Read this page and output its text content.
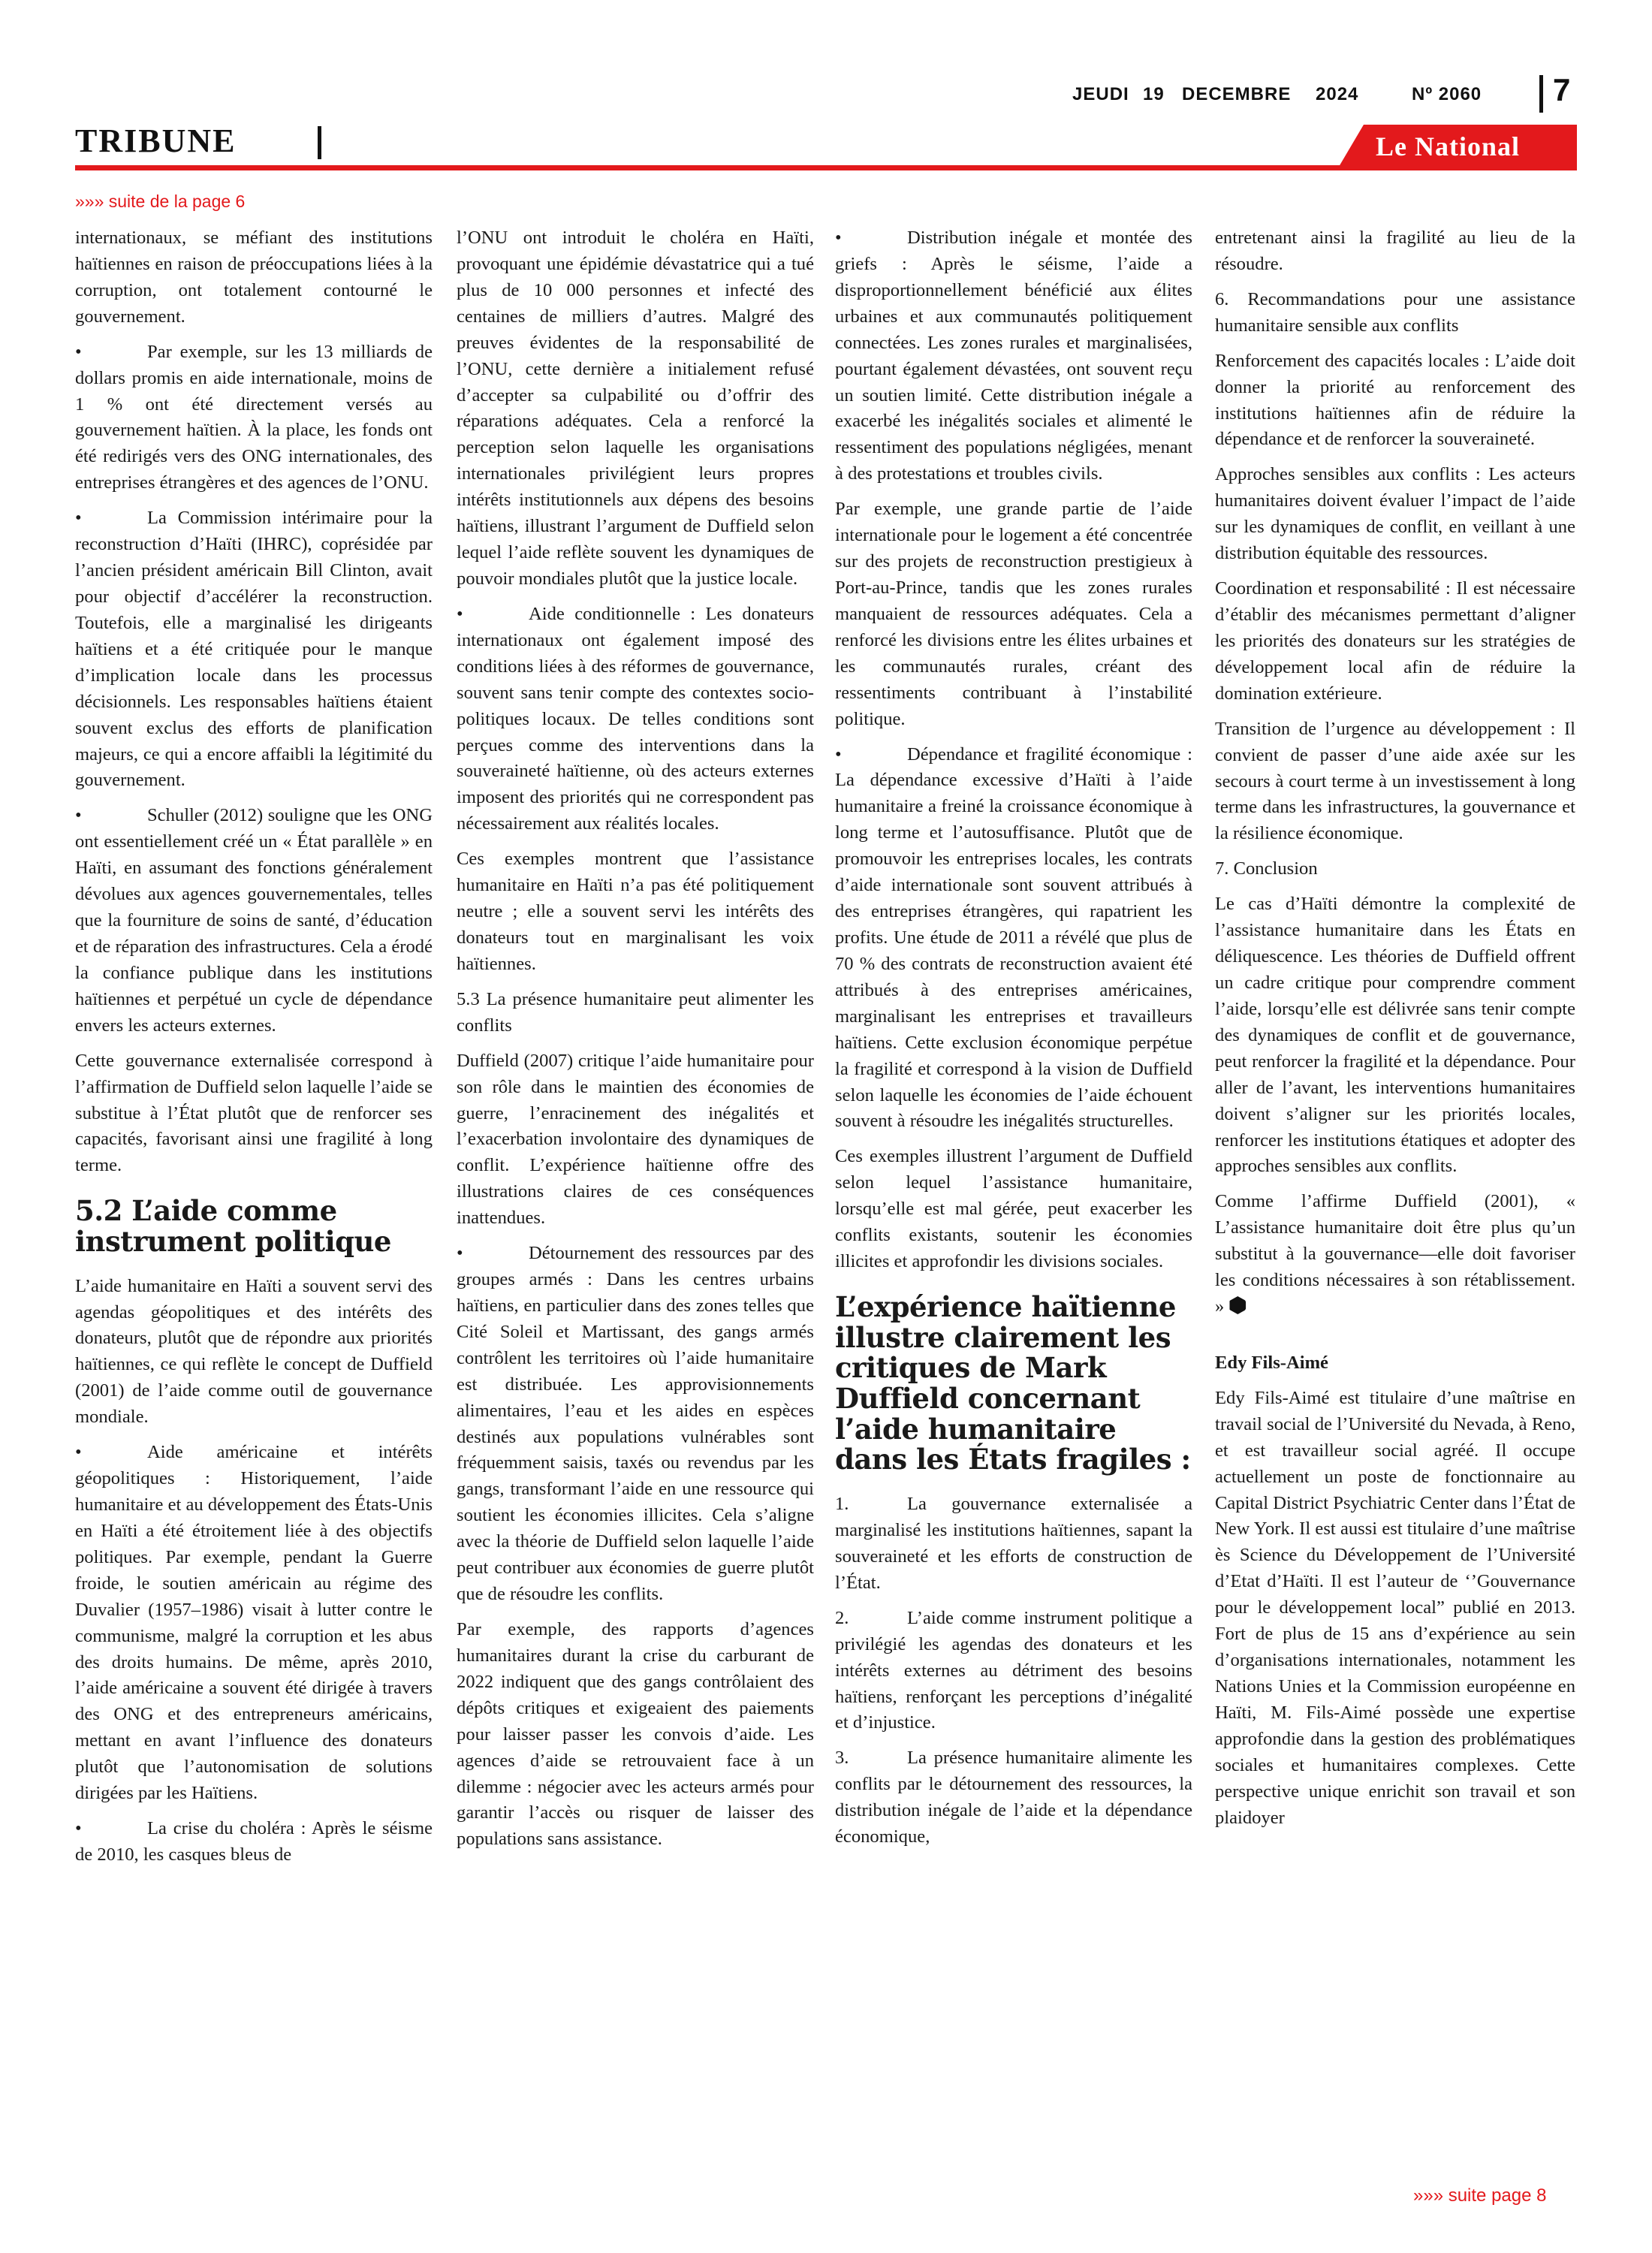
JEUDI 19 DECEMBRE 2024	Nº 2060 7
TRIBUNE	Le National
»»» suite de la page 6

internationaux, se méfiant des institutions haïtiennes en raison de préoccupations liées à la corruption, ont totalement contourné le gouvernement.

•	Par exemple, sur les 13 milliards de dollars promis en aide internationale, moins de 1 % ont été directement versés au gouvernement haïtien. À la place, les fonds ont été redirigés vers des ONG internationales, des entreprises étrangères et des agences de l’ONU.

•	La Commission intérimaire pour la reconstruction d’Haïti (IHRC), coprésidée par l’ancien président américain Bill Clinton, avait pour objectif d’accélérer la reconstruction. Toutefois, elle a marginalisé les dirigeants haïtiens et a été critiquée pour le manque d’implication locale dans les processus décisionnels. Les responsables haïtiens étaient souvent exclus des efforts de planification majeurs, ce qui a encore affaibli la légitimité du gouvernement.

•	Schuller (2012) souligne que les ONG ont essentiellement créé un « État parallèle » en Haïti, en assumant des fonctions généralement dévolues aux agences gouvernementales, telles que la fourniture de soins de santé, d’éducation et de réparation des infrastructures. Cela a érodé la confiance publique dans les institutions haïtiennes et perpétué un cycle de dépendance envers les acteurs externes.

Cette gouvernance externalisée correspond à l’affirmation de Duffield selon laquelle l’aide se substitue à l’État plutôt que de renforcer ses capacités, favorisant ainsi une fragilité à long terme.

5.2 L’aide comme instrument politique

L’aide humanitaire en Haïti a souvent servi des agendas géopolitiques et des intérêts des donateurs, plutôt que de répondre aux priorités haïtiennes, ce qui reflète le concept de Duffield (2001) de l’aide comme outil de gouvernance mondiale.

•	Aide américaine et intérêts géopolitiques : Historiquement, l’aide humanitaire et au développement des États-Unis en Haïti a été étroitement liée à des objectifs politiques. Par exemple, pendant la Guerre froide, le soutien américain au régime des Duvalier (1957–1986) visait à lutter contre le communisme, malgré la corruption et les abus des droits humains. De même, après 2010, l’aide américaine a souvent été dirigée à travers des ONG et des entrepreneurs américains, mettant en avant l’influence des donateurs plutôt que l’autonomisation de solutions dirigées par les Haïtiens.

•	La crise du choléra : Après le séisme de 2010, les casques bleus de

l’ONU ont introduit le choléra en Haïti, provoquant une épidémie dévastatrice qui a tué plus de 10 000 personnes et infecté des centaines de milliers d’autres. Malgré des preuves évidentes de la responsabilité de l’ONU, cette dernière a initialement refusé d’accepter sa culpabilité ou d’offrir des réparations adéquates. Cela a renforcé la perception selon laquelle les organisations internationales privilégient leurs propres intérêts institutionnels aux dépens des besoins haïtiens, illustrant l’argument de Duffield selon lequel l’aide reflète souvent les dynamiques de pouvoir mondiales plutôt que la justice locale.

•	Aide conditionnelle : Les donateurs internationaux ont également imposé des conditions liées à des réformes de gouvernance, souvent sans tenir compte des contextes socio-politiques locaux. De telles conditions sont perçues comme des interventions dans la souveraineté haïtienne, où des acteurs externes imposent des priorités qui ne correspondent pas nécessairement aux réalités locales.

Ces exemples montrent que l’assistance humanitaire en Haïti n’a pas été politiquement neutre ; elle a souvent servi les intérêts des donateurs tout en marginalisant les voix haïtiennes.

5.3 La présence humanitaire peut alimenter les conflits

Duffield (2007) critique l’aide humanitaire pour son rôle dans le maintien des économies de guerre, l’enracinement des inégalités et l’exacerbation involontaire des dynamiques de conflit. L’expérience haïtienne offre des illustrations claires de ces conséquences inattendues.

•	Détournement des ressources par des groupes armés : Dans les centres urbains haïtiens, en particulier dans des zones telles que Cité Soleil et Martissant, des gangs armés contrôlent les territoires où l’aide humanitaire est distribuée. Les approvisionnements alimentaires, l’eau et les aides en espèces destinés aux populations vulnérables sont fréquemment saisis, taxés ou revendus par les gangs, transformant l’aide en une ressource qui soutient les économies illicites. Cela s’aligne avec la théorie de Duffield selon laquelle l’aide peut contribuer aux économies de guerre plutôt que de résoudre les conflits.

Par exemple, des rapports d’agences humanitaires durant la crise du carburant de 2022 indiquent que des gangs contrôlaient des dépôts critiques et exigeaient des paiements pour laisser passer les convois d’aide. Les agences d’aide se retrouvaient face à un dilemme : négocier avec les acteurs armés pour garantir l’accès ou risquer de laisser des populations sans assistance.

•	Distribution inégale et montée des griefs : Après le séisme, l’aide a disproportionnellement bénéficié aux élites urbaines et aux communautés politiquement connectées. Les zones rurales et marginalisées, pourtant également dévastées, ont souvent reçu un soutien limité. Cette distribution inégale a exacerbé les inégalités sociales et alimenté le ressentiment des populations négligées, menant à des protestations et troubles civils.

Par exemple, une grande partie de l’aide internationale pour le logement a été concentrée sur des projets de reconstruction prestigieux à Port-au-Prince, tandis que les zones rurales manquaient de ressources adéquates. Cela a renforcé les divisions entre les élites urbaines et les communautés rurales, créant des ressentiments contribuant à l’instabilité politique.

•	Dépendance et fragilité économique : La dépendance excessive d’Haïti à l’aide humanitaire a freiné la croissance économique à long terme et l’autosuffisance. Plutôt que de promouvoir les entreprises locales, les contrats d’aide internationale sont souvent attribués à des entreprises étrangères, qui rapatrient les profits. Une étude de 2011 a révélé que plus de 70 % des contrats de reconstruction avaient été attribués à des entreprises américaines, marginalisant les entreprises et travailleurs haïtiens. Cette exclusion économique perpétue la fragilité et correspond à la vision de Duffield selon laquelle les économies de l’aide échouent souvent à résoudre les inégalités structurelles.

Ces exemples illustrent l’argument de Duffield selon lequel l’assistance humanitaire, lorsqu’elle est mal gérée, peut exacerber les conflits existants, soutenir les économies illicites et approfondir les divisions sociales.

L’expérience haïtienne illustre clairement les critiques de Mark Duffield concernant l’aide humanitaire dans les États fragiles :

1.	La gouvernance externalisée a marginalisé les institutions haïtiennes, sapant la souveraineté et les efforts de construction de l’État.

2.	L’aide comme instrument politique a privilégié les agendas des donateurs et les intérêts externes au détriment des besoins haïtiens, renforçant les perceptions d’inégalité et d’injustice.

3.	La présence humanitaire alimente les conflits par le détournement des ressources, la distribution inégale de l’aide et la dépendance économique,

entretenant ainsi la fragilité au lieu de la résoudre.

6. Recommandations pour une assistance humanitaire sensible aux conflits

Renforcement des capacités locales : L’aide doit donner la priorité au renforcement des institutions haïtiennes afin de réduire la dépendance et de renforcer la souveraineté.

Approches sensibles aux conflits : Les acteurs humanitaires doivent évaluer l’impact de l’aide sur les dynamiques de conflit, en veillant à une distribution équitable des ressources.

Coordination et responsabilité : Il est nécessaire d’établir des mécanismes permettant d’aligner les priorités des donateurs sur les stratégies de développement local afin de réduire la domination extérieure.

Transition de l’urgence au développement : Il convient de passer d’une aide axée sur les secours à court terme à un investissement à long terme dans les infrastructures, la gouvernance et la résilience économique.

7. Conclusion

Le cas d’Haïti démontre la complexité de l’assistance humanitaire dans les États en déliquescence. Les théories de Duffield offrent un cadre critique pour comprendre comment l’aide, lorsqu’elle est délivrée sans tenir compte des dynamiques de conflit et de gouvernance, peut renforcer la fragilité et la dépendance. Pour aller de l’avant, les interventions humanitaires doivent s’aligner sur les priorités locales, renforcer les institutions étatiques et adopter des approches sensibles aux conflits.

Comme l’affirme Duffield (2001), « L’assistance humanitaire doit être plus qu’un substitut à la gouvernance—elle doit favoriser les conditions nécessaires à son rétablissement. »

Edy Fils-Aimé

Edy Fils-Aimé est titulaire d’une maîtrise en travail social de l’Université du Nevada, à Reno, et est travailleur social agréé. Il occupe actuellement un poste de fonctionnaire au Capital District Psychiatric Center dans l’État de New York. Il est aussi est titulaire d’une maîtrise ès Science du Développement de l’Université d’Etat d’Haïti. Il est l’auteur de ‘’Gouvernance pour le développement local” publié en 2013. Fort de plus de 15 ans d’expérience au sein d’organisations internationales, notamment les Nations Unies et la Commission européenne en Haïti, M. Fils-Aimé possède une expertise approfondie dans la gestion des problématiques sociales et humanitaires complexes. Cette perspective unique enrichit son travail et son plaidoyer

»»» suite page 8
